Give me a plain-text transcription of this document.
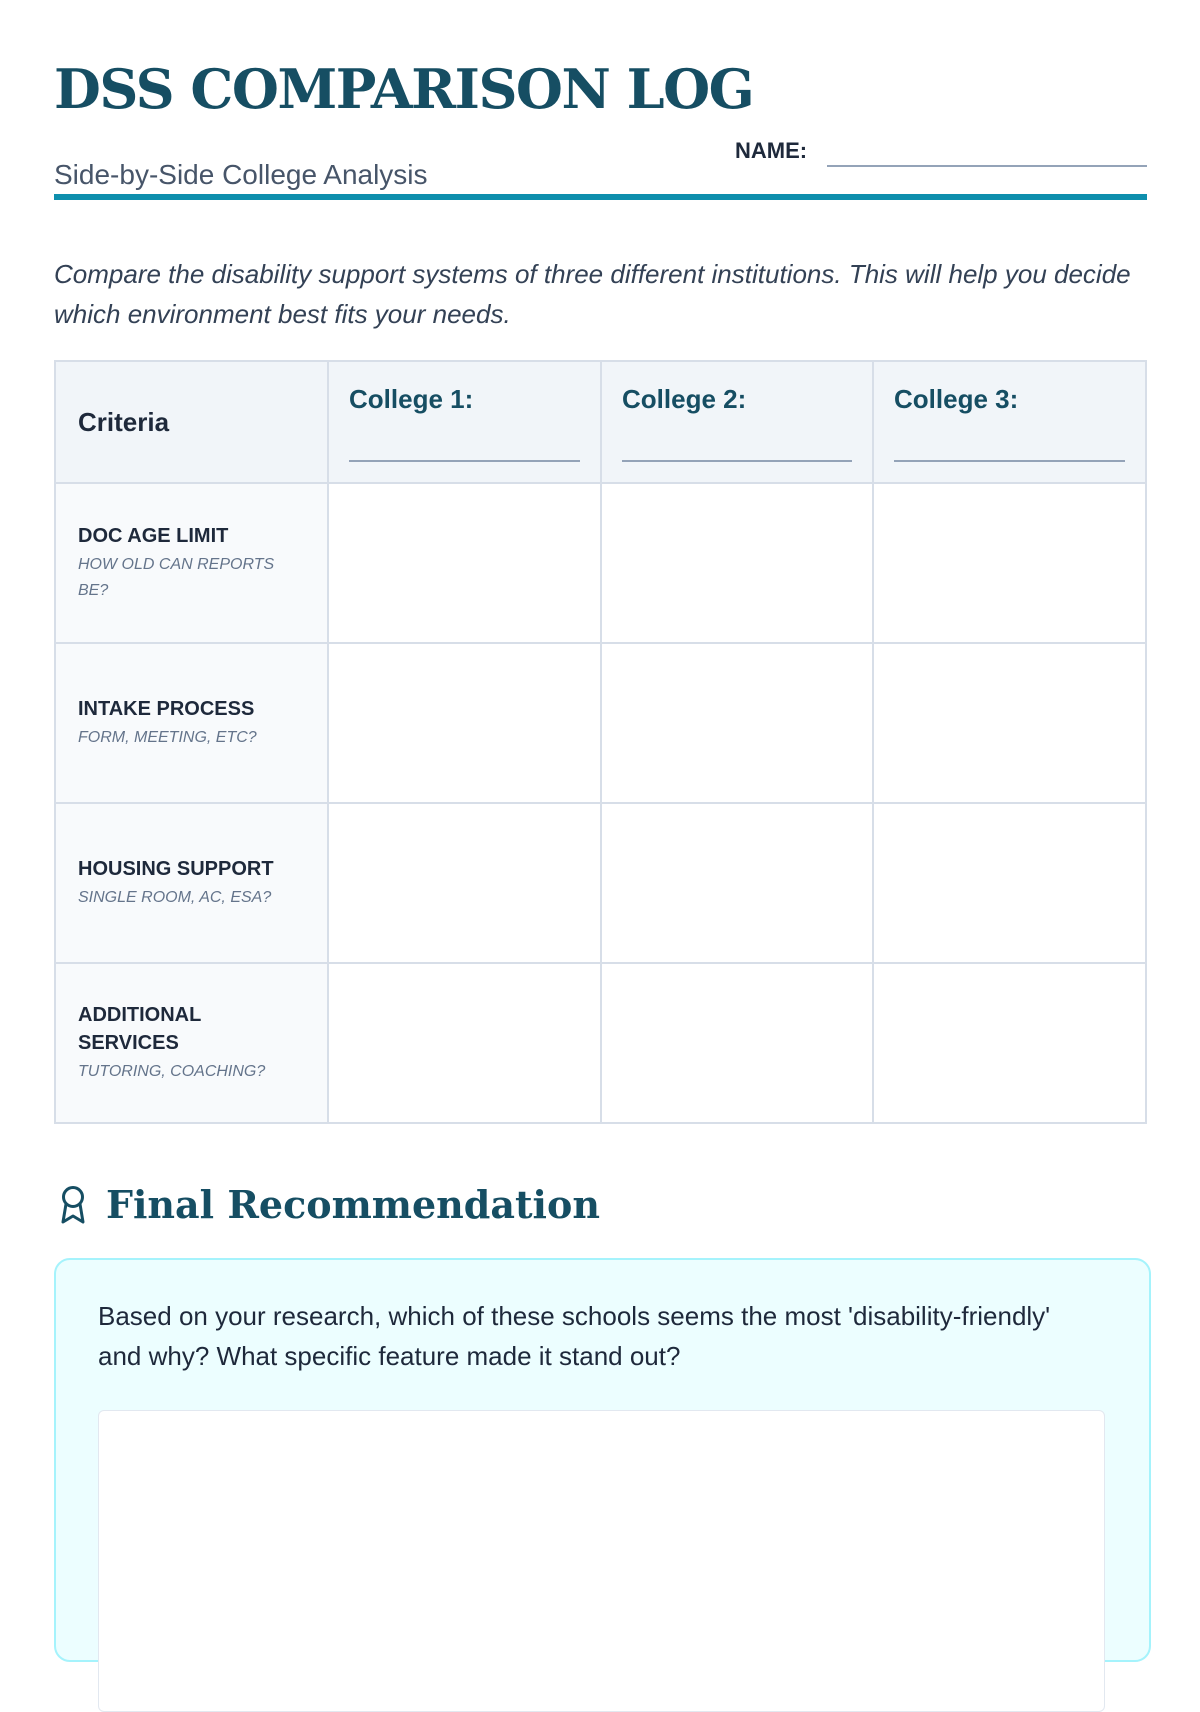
DSS COMPARISON LOG
Side-by-Side College Analysis
NAME:
Compare the disability support systems of three different institutions. This will help you decide which environment best fits your needs.
Criteria	College 1:	College 2:	College 3:

DOC AGE LIMIT
HOW OLD CAN REPORTS BE?			

INTAKE PROCESS
FORM, MEETING, ETC?			

HOUSING SUPPORT
SINGLE ROOM, AC, ESA?			

ADDITIONAL SERVICES
TUTORING, COACHING?			

Final Recommendation
Based on your research, which of these schools seems the most 'disability-friendly' and why? What specific feature made it stand out?
